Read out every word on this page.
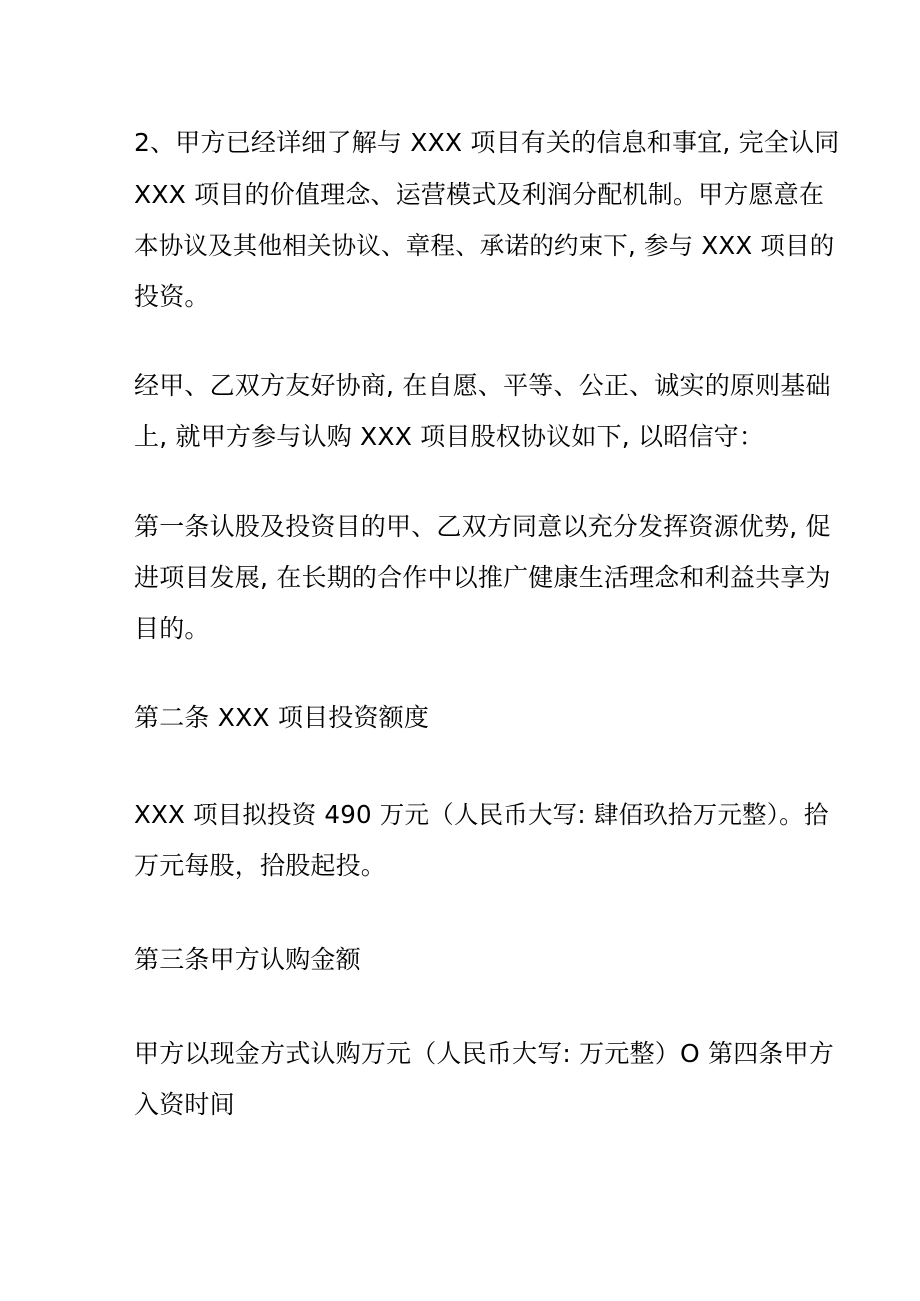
2、甲方已经详细了解与 XXX 项目有关的信息和事宜, 完全认同
XXX 项目的价值理念、运营模式及利润分配机制。甲方愿意在
本协议及其他相关协议、章程、承诺的约束下, 参与 XXX 项目的
投资。
经甲、乙双方友好协商, 在自愿、平等、公正、诚实的原则基础
上, 就甲方参与认购 XXX 项目股权协议如下, 以昭信守：
第一条认股及投资目的甲、乙双方同意以充分发挥资源优势, 促
进项目发展, 在长期的合作中以推广健康生活理念和利益共享为
目的。
第二条 XXX 项目投资额度
XXX 项目拟投资 490 万元（人民币大写: 肆佰玖拾万元整）。拾
万元每股，拾股起投。
第三条甲方认购金额
甲方以现金方式认购万元（人民币大写: 万元整）O 第四条甲方
入资时间
